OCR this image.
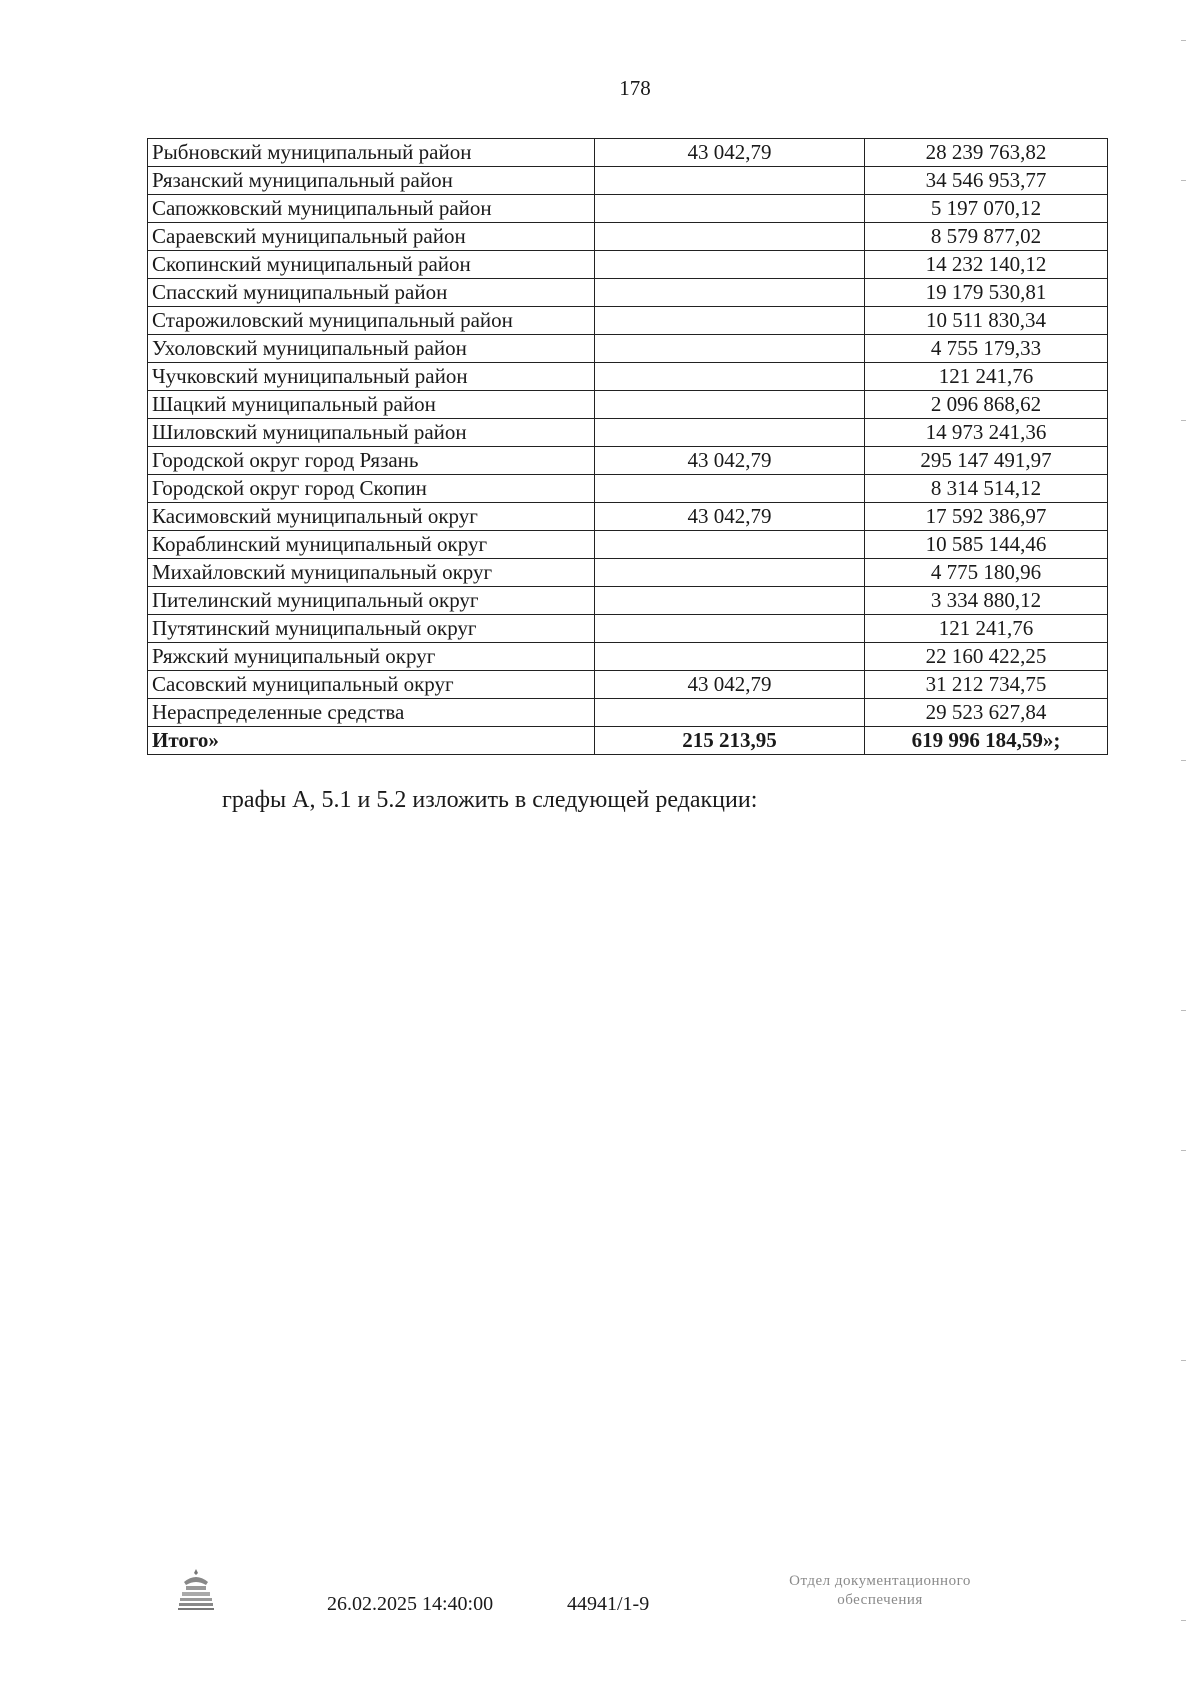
178
Рыбновский муниципальный район	43 042,79	28 239 763,82
Рязанский муниципальный район		34 546 953,77
Сапожковский муниципальный район		5 197 070,12
Сараевский муниципальный район		8 579 877,02
Скопинский муниципальный район		14 232 140,12
Спасский муниципальный район		19 179 530,81
Старожиловский муниципальный район		10 511 830,34
Ухоловский муниципальный район		4 755 179,33
Чучковский муниципальный район		121 241,76
Шацкий муниципальный район		2 096 868,62
Шиловский муниципальный район		14 973 241,36
Городской округ город Рязань	43 042,79	295 147 491,97
Городской округ город Скопин		8 314 514,12
Касимовский муниципальный округ	43 042,79	17 592 386,97
Кораблинский муниципальный округ		10 585 144,46
Михайловский муниципальный округ		4 775 180,96
Пителинский муниципальный округ		3 334 880,12
Путятинский муниципальный округ		121 241,76
Ряжский муниципальный округ		22 160 422,25
Сасовский муниципальный округ	43 042,79	31 212 734,75
Нераспределенные средства		29 523 627,84
Итого»	215 213,95	619 996 184,59»;
графы А, 5.1 и 5.2 изложить в следующей редакции:
26.02.2025 14:40:00	44941/1-9
Отдел документационного
обеспечения
